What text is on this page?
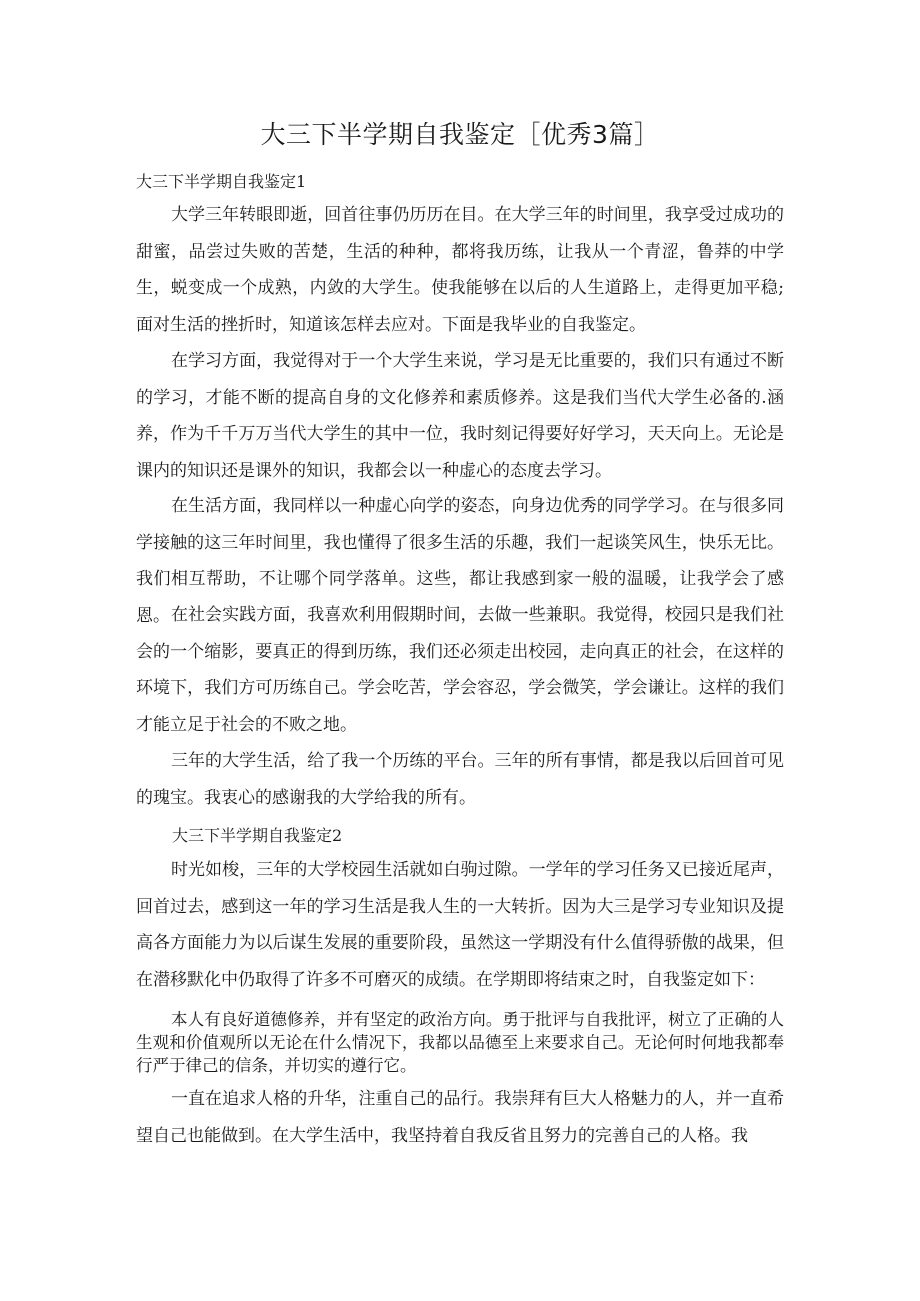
大三下半学期自我鉴定［优秀3篇］
大三下半学期自我鉴定1

大学三年转眼即逝，回首往事仍历历在目。在大学三年的时间里，我享受过成功的甜蜜，品尝过失败的苦楚，生活的种种，都将我历练，让我从一个青涩，鲁莽的中学生，蜕变成一个成熟，内敛的大学生。使我能够在以后的人生道路上，走得更加平稳;面对生活的挫折时，知道该怎样去应对。下面是我毕业的自我鉴定。

在学习方面，我觉得对于一个大学生来说，学习是无比重要的，我们只有通过不断的学习，才能不断的提高自身的文化修养和素质修养。这是我们当代大学生必备的.涵养，作为千千万万当代大学生的其中一位，我时刻记得要好好学习，天天向上。无论是课内的知识还是课外的知识，我都会以一种虚心的态度去学习。

在生活方面，我同样以一种虚心向学的姿态，向身边优秀的同学学习。在与很多同学接触的这三年时间里，我也懂得了很多生活的乐趣，我们一起谈笑风生，快乐无比。我们相互帮助，不让哪个同学落单。这些，都让我感到家一般的温暖，让我学会了感恩。 在社会实践方面，我喜欢利用假期时间，去做一些兼职。我觉得，校园只是我们社会的一个缩影，要真正的得到历练，我们还必须走出校园，走向真正的社会，在这样的环境下，我们方可历练自己。学会吃苦，学会容忍，学会微笑，学会谦让。这样的我们才能立足于社会的不败之地。

三年的大学生活，给了我一个历练的平台。三年的所有事情，都是我以后回首可见的瑰宝。我衷心的感谢我的大学给我的所有。

大三下半学期自我鉴定2

时光如梭，三年的大学校园生活就如白驹过隙。一学年的学习任务又已接近尾声，回首过去，感到这一年的学习生活是我人生的一大转折。因为大三是学习专业知识及提高各方面能力为以后谋生发展的重要阶段，虽然这一学期没有什么值得骄傲的战果，但在潜移默化中仍取得了许多不可磨灭的成绩。在学期即将结束之时，自我鉴定如下：

本人有良好道德修养，并有坚定的政治方向。勇于批评与自我批评，树立了正确的人生观和价值观所以无论在什么情况下，我都以品德至上来要求自己。无论何时何地我都奉行严于律己的信条，并切实的遵行它。

一直在追求人格的升华，注重自己的品行。我崇拜有巨大人格魅力的人，并一直希望自己也能做到。在大学生活中，我坚持着自我反省且努力的完善自己的人格。我
